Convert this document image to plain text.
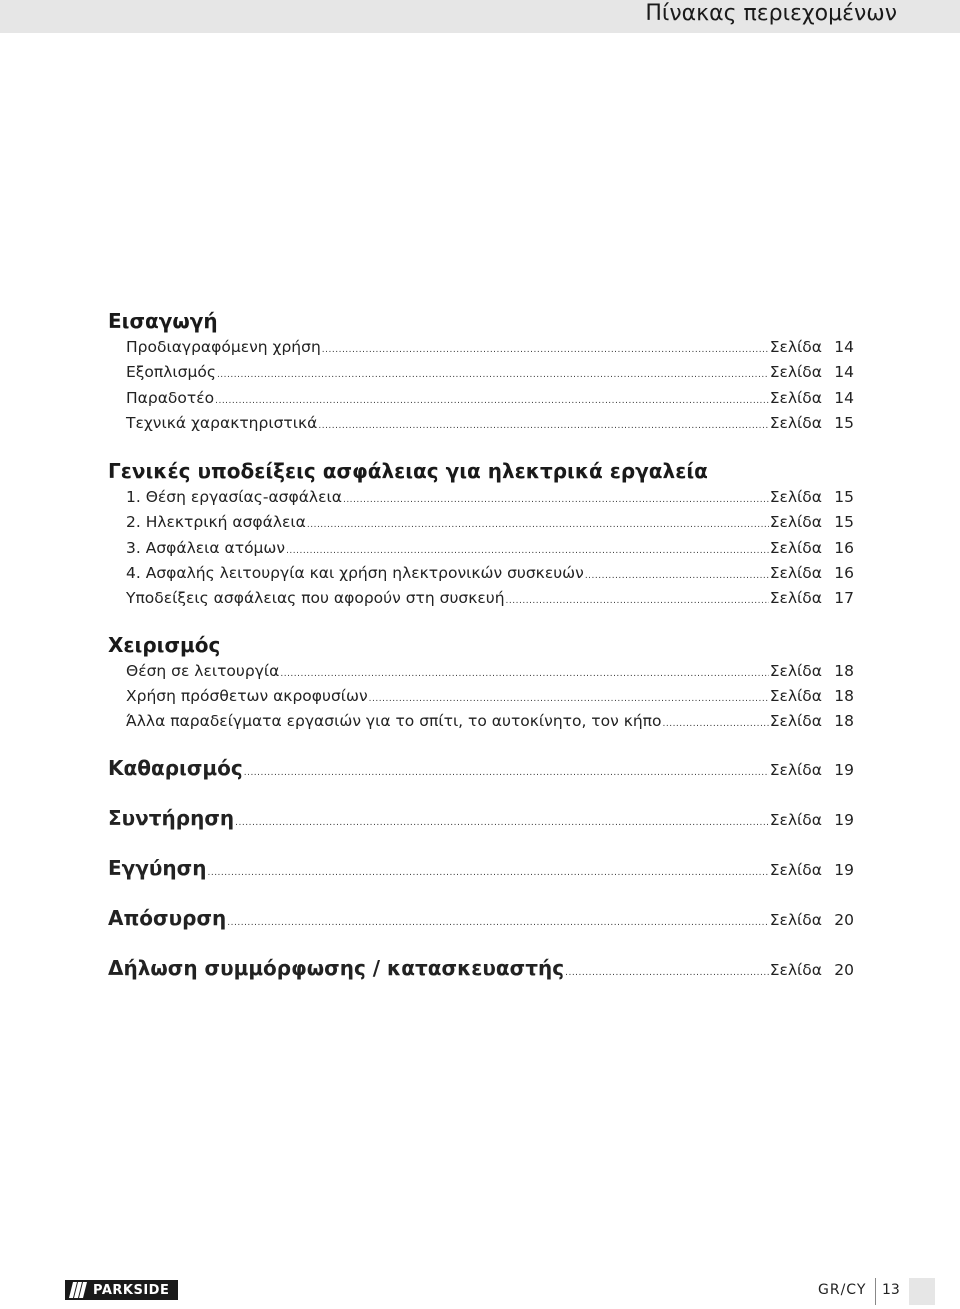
Πίνακας περιεχομένων
Εισαγωγή
Προδιαγραφόμενη χρήση .....	Σελίδα 14
Εξοπλισμός .....	Σελίδα 14
Παραδοτέο .....	Σελίδα 14
Τεχνικά χαρακτηριστικά .....	Σελίδα 15
Γενικές υποδείξεις ασφάλειας για ηλεκτρικά εργαλεία
1. Θέση εργασίας-ασφάλεια .....	Σελίδα 15
2. Ηλεκτρική ασφάλεια .....	Σελίδα 15
3. Ασφάλεια ατόμων .....	Σελίδα 16
4. Ασφαλής λειτουργία και χρήση ηλεκτρονικών συσκευών .....	Σελίδα 16
Υποδείξεις ασφάλειας που αφορούν στη συσκευή .....	Σελίδα 17
Χειρισμός
Θέση σε λειτουργία .....	Σελίδα 18
Χρήση πρόσθετων ακροφυσίων .....	Σελίδα 18
Άλλα παραδείγματα εργασιών για το σπίτι, το αυτοκίνητο, τον κήπο .....	Σελίδα 18
Καθαρισμός .....	Σελίδα 19
Συντήρηση .....	Σελίδα 19
Εγγύηση .....	Σελίδα 19
Απόσυρση .....	Σελίδα 20
Δήλωση συμμόρφωσης / κατασκευαστής .....	Σελίδα 20
PARKSIDE	GR/CY 13
